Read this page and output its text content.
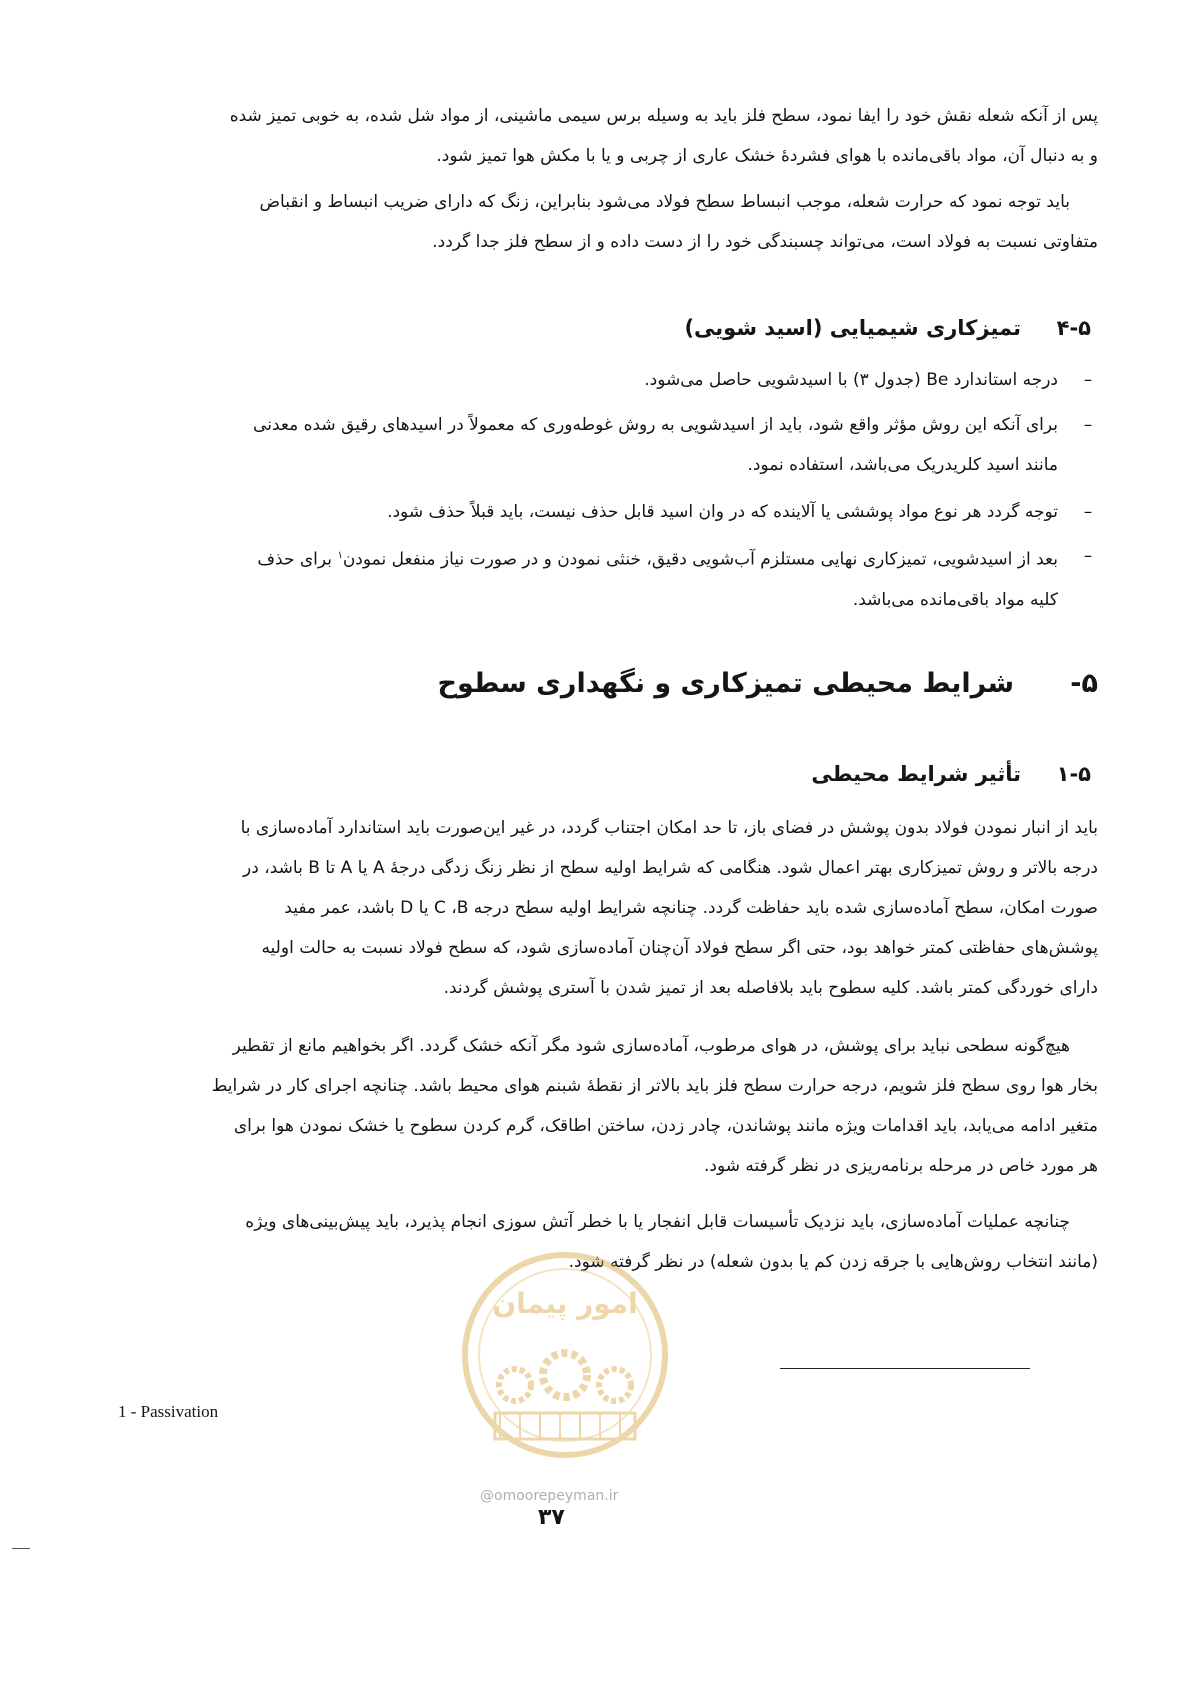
پس از آنکه شعله نقش خود را ایفا نمود، سطح فلز باید به وسیله برس سیمی ماشینی، از مواد شل شده، به خوبی تمیز شده
و به دنبال آن، مواد باقی‌مانده با هوای فشردهٔ خشک عاری از چربی و یا با مکش هوا تمیز شود.
باید توجه نمود که حرارت شعله، موجب انبساط سطح فولاد می‌شود بنابراین، زنگ که دارای ضریب انبساط و انقباض
متفاوتی نسبت به فولاد است، می‌تواند چسبندگی خود را از دست داده و از سطح فلز جدا گردد.
۴-۵تمیزکاری شیمیایی (اسید شویی)
–
درجه استاندارد Be (جدول ۳) با اسیدشویی حاصل می‌شود.
–
برای آنکه این روش مؤثر واقع شود، باید از اسیدشویی به روش غوطه‌وری که معمولاً در اسیدهای رقیق شده معدنی
مانند اسید کلریدریک می‌باشد، استفاده نمود.
–
توجه گردد هر نوع مواد پوششی یا آلاینده که در وان اسید قابل حذف نیست، باید قبلاً حذف شود.
–
بعد از اسیدشویی، تمیزکاری نهایی مستلزم آب‌شویی دقیق، خنثی نمودن و در صورت نیاز منفعل نمودن$^۱$ برای حذف
کلیه مواد باقی‌مانده می‌باشد.
۵-شرایط محیطی تمیزکاری و نگهداری سطوح
۱-۵تأثیر شرایط محیطی
باید از انبار نمودن فولاد بدون پوشش در فضای باز، تا حد امکان اجتناب گردد، در غیر این‌صورت باید استاندارد آماده‌سازی با
درجه بالاتر و روش تمیزکاری بهتر اعمال شود. هنگامی که شرایط اولیه سطح از نظر زنگ زدگی درجهٔ A یا A تا B باشد، در
صورت امکان، سطح آماده‌سازی شده باید حفاظت گردد. چنانچه شرایط اولیه سطح درجه C ،B یا D باشد، عمر مفید
پوشش‌های حفاظتی کمتر خواهد بود، حتی اگر سطح فولاد آن‌چنان آماده‌سازی شود، که سطح فولاد نسبت به حالت اولیه
دارای خوردگی کمتر باشد. کلیه سطوح باید بلافاصله بعد از تمیز شدن با آستری پوشش گردند.
هیچ‌گونه سطحی نباید برای پوشش، در هوای مرطوب، آماده‌سازی شود مگر آنکه خشک گردد. اگر بخواهیم مانع از تقطیر
بخار هوا روی سطح فلز شویم، درجه حرارت سطح فلز باید بالاتر از نقطهٔ شبنم هوای محیط باشد. چنانچه اجرای کار در شرایط
متغیر ادامه می‌یابد، باید اقدامات ویژه مانند پوشاندن، چادر زدن، ساختن اطاقک، گرم کردن سطوح یا خشک نمودن هوا برای
هر مورد خاص در مرحله برنامه‌ریزی در نظر گرفته شود.
چنانچه عملیات آماده‌سازی، باید نزدیک تأسیسات قابل انفجار یا با خطر آتش سوزی انجام پذیرد، باید پیش‌بینی‌های ویژه
(مانند انتخاب روش‌هایی با جرقه زدن کم یا بدون شعله) در نظر گرفته شود.
امور پیمان
@omoorepeyman.ir
1 - Passivation
۳۷
